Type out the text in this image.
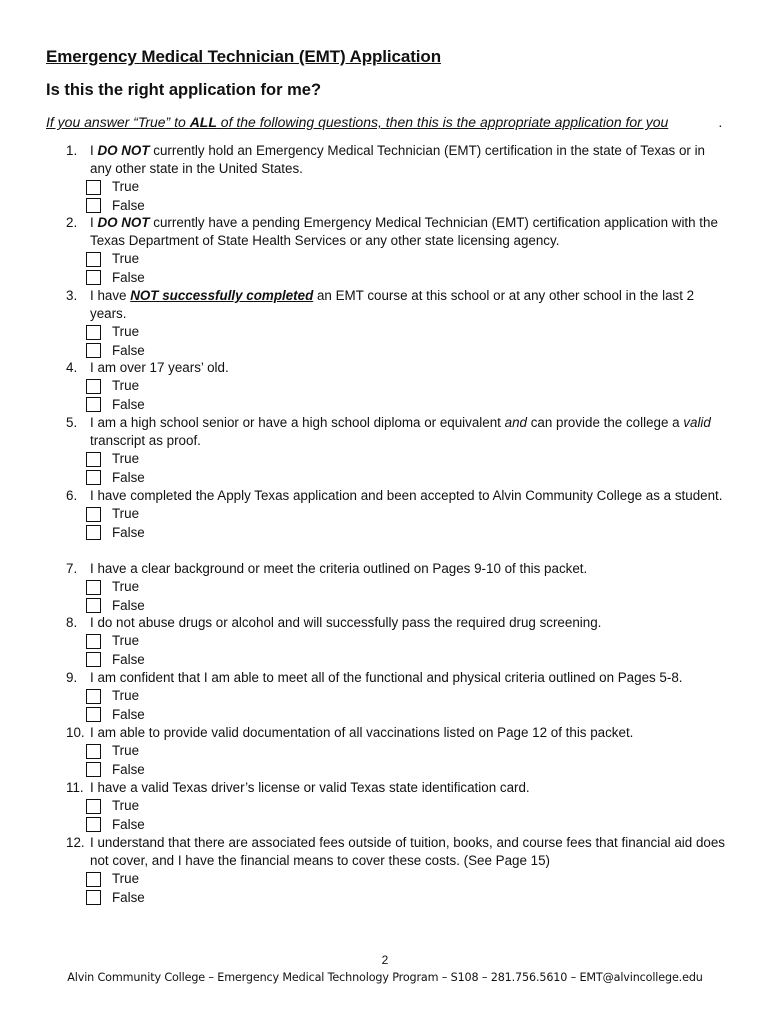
Emergency Medical Technician (EMT) Application
Is this the right application for me?
If you answer “True” to ALL of the following questions, then this is the appropriate application for you	.
1. I DO NOT currently hold an Emergency Medical Technician (EMT) certification in the state of Texas or in any other state in the United States.
True
False
2. I DO NOT currently have a pending Emergency Medical Technician (EMT) certification application with the Texas Department of State Health Services or any other state licensing agency.
True
False
3. I have NOT successfully completed an EMT course at this school or at any other school in the last 2 years.
True
False
4. I am over 17 years’ old.
True
False
5. I am a high school senior or have a high school diploma or equivalent and can provide the college a valid transcript as proof.
True
False
6. I have completed the Apply Texas application and been accepted to Alvin Community College as a student.
True
False
7. I have a clear background or meet the criteria outlined on Pages 9-10 of this packet.
True
False
8. I do not abuse drugs or alcohol and will successfully pass the required drug screening.
True
False
9. I am confident that I am able to meet all of the functional and physical criteria outlined on Pages 5-8.
True
False
10. I am able to provide valid documentation of all vaccinations listed on Page 12 of this packet.
True
False
11. I have a valid Texas driver’s license or valid Texas state identification card.
True
False
12. I understand that there are associated fees outside of tuition, books, and course fees that financial aid does not cover, and I have the financial means to cover these costs. (See Page 15)
True
False
2
Alvin Community College – Emergency Medical Technology Program – S108 – 281.756.5610 – EMT@alvincollege.edu
